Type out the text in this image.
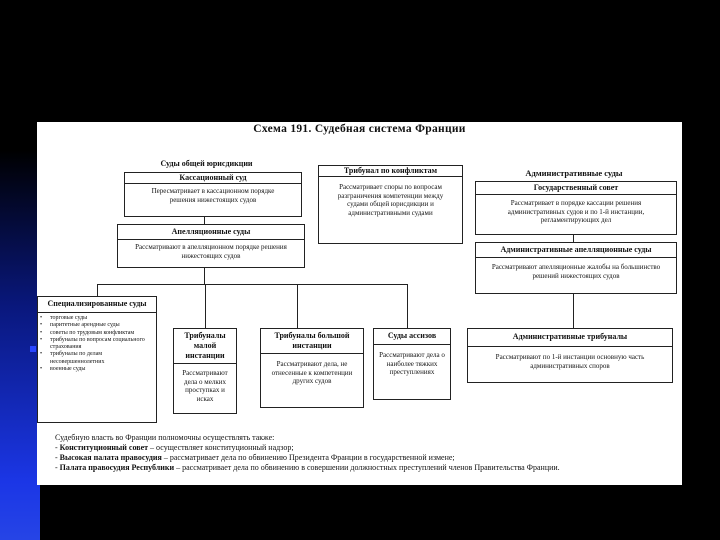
Схема 191. Судебная система Франции
Суды общей юрисдикции
Кассационный суд
Пересматривает в кассационном порядке решения нижестоящих судов
Апелляционные суды
Рассматривают в апелляционном порядке решения нижестоящих судов
Трибунал по конфликтам
Рассматривает споры по вопросам разграничения компетенции между судами общей юрисдикции и административными судами
Административные суды
Государственный совет
Рассматривает в порядке кассации решения административных судов и по 1-й инстанции, регламентирующих дел
Административные апелляционные суды
Рассматривают апелляционные жалобы на большинство решений нижестоящих судов
Специализированные суды
• торговые суды
• паритетные арендные суды
• советы по трудовым конфликтам
• трибуналы по вопросам социального страхования
• трибуналы по делам несовершеннолетних
• военные суды
Трибуналы малой инстанции
Рассматривают дела о мелких проступках и исках
Трибуналы большой инстанции
Рассматривают дела, не отнесенные к компетенции других судов
Суды ассизов
Рассматривают дела о наиболее тяжких преступлениях
Административные трибуналы
Рассматривают по 1-й инстанции основную часть административных споров
Судебную власть во Франции полномочны осуществлять также:
- Конституционный совет – осуществляет конституционный надзор;
- Высокая палата правосудия – рассматривает дела по обвинению Президента Франции в государственной измене;
- Палата правосудия Республики – рассматривает дела по обвинению в совершении должностных преступлений членов Правительства Франции.
